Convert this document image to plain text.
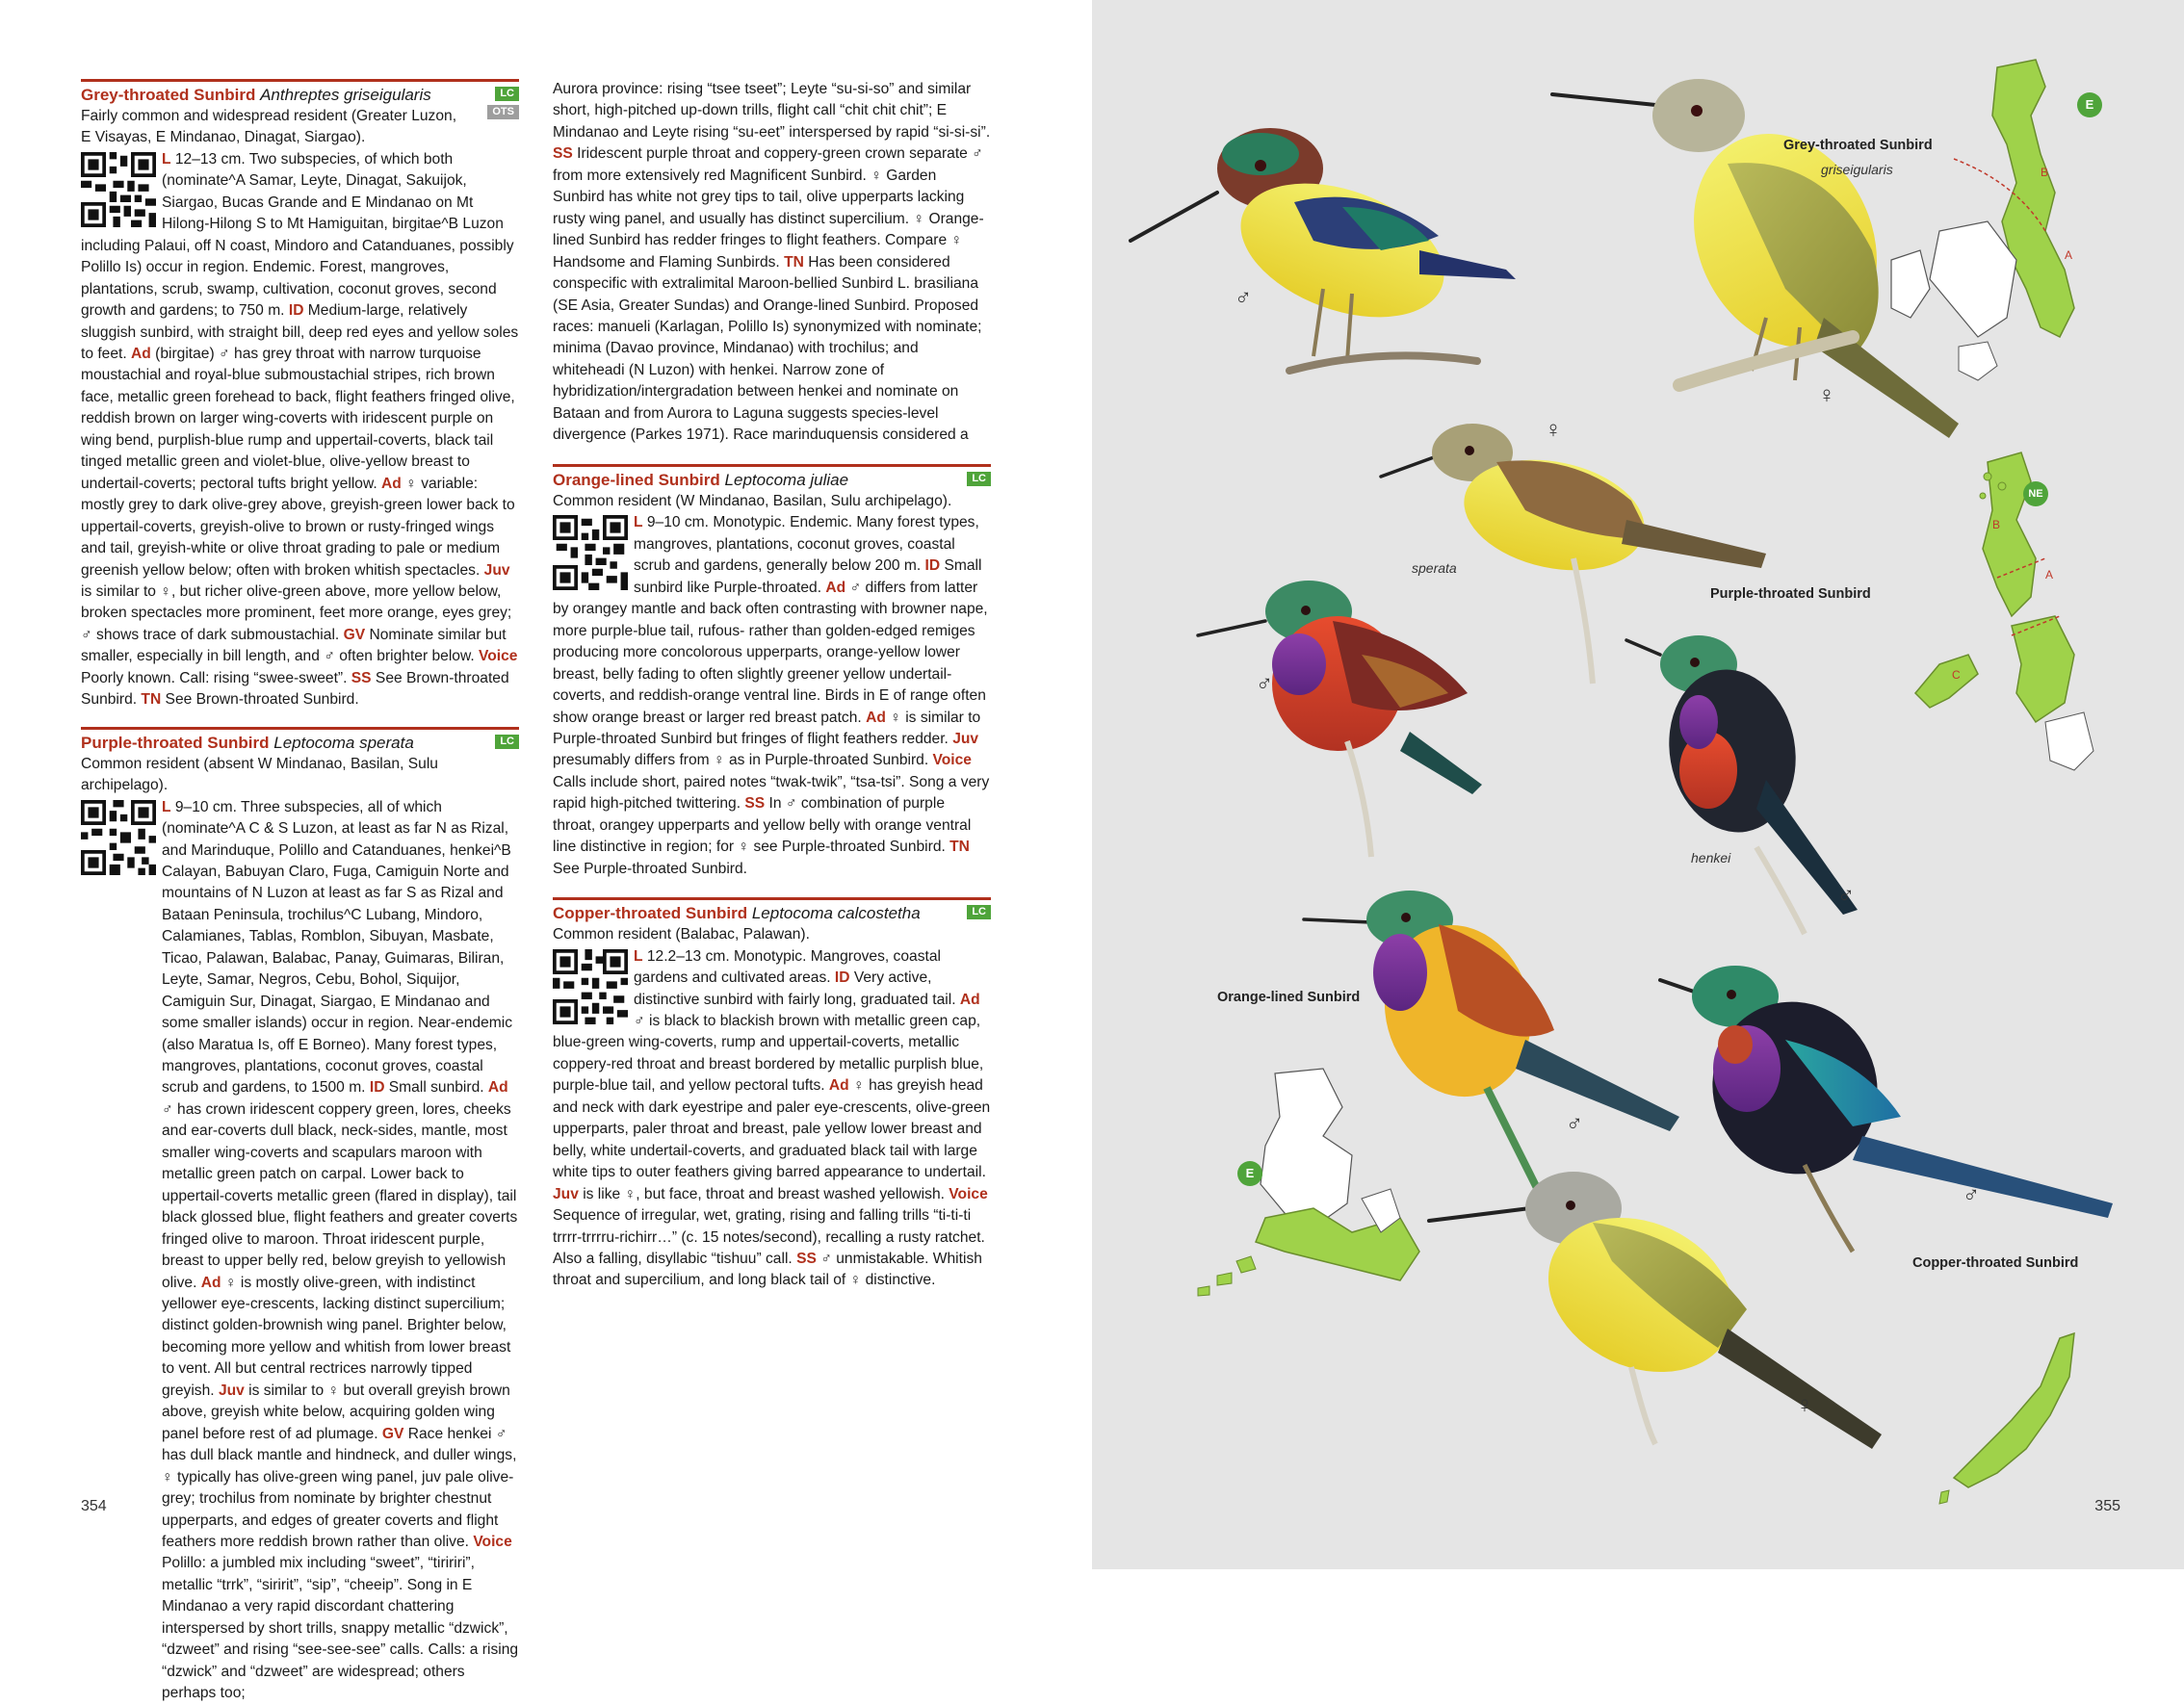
Grey-throated Sunbird Anthreptes griseigularis	LC
OTS

Fairly common and widespread resident (Greater Luzon, E Visayas, E Mindanao, Dinagat, Siargao).

L 12–13 cm. Two subspecies, of which both (nominate^A Samar, Leyte, Dinagat, Sakuijok, Siargao, Bucas Grande and E Mindanao on Mt Hilong-Hilong S to Mt Hamiguitan, birgitae^B Luzon including Palaui, off N coast, Mindoro and Catanduanes, possibly Polillo Is) occur in region. Endemic. Forest, mangroves, plantations, scrub, swamp, cultivation, coconut groves, second growth and gardens; to 750 m. ID Medium-large, relatively sluggish sunbird, with straight bill, deep red eyes and yellow soles to feet. Ad (birgitae) ♂ has grey throat with narrow turquoise moustachial and royal-blue submoustachial stripes, rich brown face, metallic green forehead to back, flight feathers fringed olive, reddish brown on larger wing-coverts with iridescent purple on wing bend, purplish-blue rump and uppertail-coverts, black tail tinged metallic green and violet-blue, olive-yellow breast to undertail-coverts; pectoral tufts bright yellow. Ad ♀ variable: mostly grey to dark olive-grey above, greyish-green lower back to uppertail-coverts, greyish-olive to brown or rusty-fringed wings and tail, greyish-white or olive throat grading to pale or medium greenish yellow below; often with broken whitish spectacles. Juv is similar to ♀, but richer olive-green above, more yellow below, broken spectacles more prominent, feet more orange, eyes grey; ♂ shows trace of dark submoustachial. GV Nominate similar but smaller, especially in bill length, and ♂ often brighter below. Voice Poorly known. Call: rising “swee-sweet”. SS See Brown-throated Sunbird. TN See Brown-throated Sunbird.

Purple-throated Sunbird Leptocoma sperata	LC

Common resident (absent W Mindanao, Basilan, Sulu archipelago).

L 9–10 cm. Three subspecies, all of which (nominate^A C & S Luzon, at least as far N as Rizal, and Marinduque, Polillo and Catanduanes, henkei^B Calayan, Babuyan Claro, Fuga, Camiguin Norte and mountains of N Luzon at least as far S as Rizal and Bataan Peninsula, trochilus^C Lubang, Mindoro, Calamianes, Tablas, Romblon, Sibuyan, Masbate, Ticao, Palawan, Balabac, Panay, Guimaras, Biliran, Leyte, Samar, Negros, Cebu, Bohol, Siquijor, Camiguin Sur, Dinagat, Siargao, E Mindanao and some smaller islands) occur in region. Near-endemic (also Maratua Is, off E Borneo). Many forest types, mangroves, plantations, coconut groves, coastal scrub and gardens, to 1500 m. ID Small sunbird. Ad ♂ has crown iridescent coppery green, lores, cheeks and ear-coverts dull black, neck-sides, mantle, most smaller wing-coverts and scapulars maroon with metallic green patch on carpal. Lower back to uppertail-coverts metallic green (flared in display), tail black glossed blue, flight feathers and greater coverts fringed olive to maroon. Throat iridescent purple, breast to upper belly red, below greyish to yellowish olive. Ad ♀ is mostly olive-green, with indistinct yellower eye-crescents, lacking distinct supercilium; distinct golden-brownish wing panel. Brighter below, becoming more yellow and whitish from lower breast to vent. All but central rectrices narrowly tipped greyish. Juv is similar to ♀ but overall greyish brown above, greyish white below, acquiring golden wing panel before rest of ad plumage. GV Race henkei ♂ has dull black mantle and hindneck, and duller wings, ♀ typically has olive-green wing panel, juv pale olive-grey; trochilus from nominate by brighter chestnut upperparts, and edges of greater coverts and flight feathers more reddish brown rather than olive. Voice Polillo: a jumbled mix including “sweet”, “tiririri”, metallic “trrk”, “siririt”, “sip”, “cheeip”. Song in E Mindanao a very rapid discordant chattering interspersed by short trills, snappy metallic “dzwick”, “dzweet” and rising “see-see-see” calls. Calls: a rising “dzwick” and “dzweet” are widespread; others perhaps too;

Aurora province: rising “tsee tseet”; Leyte “su-si-so” and similar short, high-pitched up-down trills, flight call “chit chit chit”; E Mindanao and Leyte rising “su-eet” interspersed by rapid “si-si-si”. SS Iridescent purple throat and coppery-green crown separate ♂ from more extensively red Magnificent Sunbird. ♀ Garden Sunbird has white not grey tips to tail, olive upperparts lacking rusty wing panel, and usually has distinct supercilium. ♀ Orange-lined Sunbird has redder fringes to flight feathers. Compare ♀ Handsome and Flaming Sunbirds. TN Has been considered conspecific with extralimital Maroon-bellied Sunbird L. brasiliana (SE Asia, Greater Sundas) and Orange-lined Sunbird. Proposed races: manueli (Karlagan, Polillo Is) synonymized with nominate; minima (Davao province, Mindanao) with trochilus; and whiteheadi (N Luzon) with henkei. Narrow zone of hybridization/intergradation between henkei and nominate on Bataan and from Aurora to Laguna suggests species-level divergence (Parkes 1971). Race marinduquensis considered a

Orange-lined Sunbird Leptocoma juliae	LC

Common resident (W Mindanao, Basilan, Sulu archipelago).

L 9–10 cm. Monotypic. Endemic. Many forest types, mangroves, plantations, coconut groves, coastal scrub and gardens, generally below 200 m. ID Small sunbird like Purple-throated. Ad ♂ differs from latter by orangey mantle and back often contrasting with browner nape, more purple-blue tail, rufous- rather than golden-edged remiges producing more concolorous upperparts, orange-yellow lower breast, belly fading to often slightly greener yellow undertail-coverts, and reddish-orange ventral line. Birds in E of range often show orange breast or larger red breast patch. Ad ♀ is similar to Purple-throated Sunbird but fringes of flight feathers redder. Juv presumably differs from ♀ as in Purple-throated Sunbird. Voice Calls include short, paired notes “twak-twik”, “tsa-tsi”. Song a very rapid high-pitched twittering. SS In ♂ combination of purple throat, orangey upperparts and yellow belly with orange ventral line distinctive in region; for ♀ see Purple-throated Sunbird. TN See Purple-throated Sunbird.

Copper-throated Sunbird Leptocoma calcostetha	LC

Common resident (Balabac, Palawan).

L 12.2–13 cm. Monotypic. Mangroves, coastal gardens and cultivated areas. ID Very active, distinctive sunbird with fairly long, graduated tail. Ad ♂ is black to blackish brown with metallic green cap, blue-green wing-coverts, rump and uppertail-coverts, metallic coppery-red throat and breast bordered by metallic purplish blue, purple-blue tail, and yellow pectoral tufts. Ad ♀ has greyish head and neck with dark eyestripe and paler eye-crescents, olive-green upperparts, paler throat and breast, pale yellow lower breast and belly, white undertail-coverts, and graduated black tail with large white tips to outer feathers giving barred appearance to undertail. Juv is like ♀, but face, throat and breast washed yellowish. Voice Sequence of irregular, wet, grating, rising and falling trills “ti-ti-ti trrrr-trrrru-richirr…” (c. 15 notes/second), recalling a rusty ratchet. Also a falling, disyllabic “tishuu” call. SS ♂ unmistakable. Whitish throat and supercilium, and long black tail of ♀ distinctive.

354
Grey-throated Sunbird
griseigularis
Purple-throated Sunbird
sperata
henkei
Orange-lined Sunbird
Copper-throated Sunbird
♂
♀
♀
♂
♂
♂
♂
♀
E
NE
E
B
A
B
A
C
355
